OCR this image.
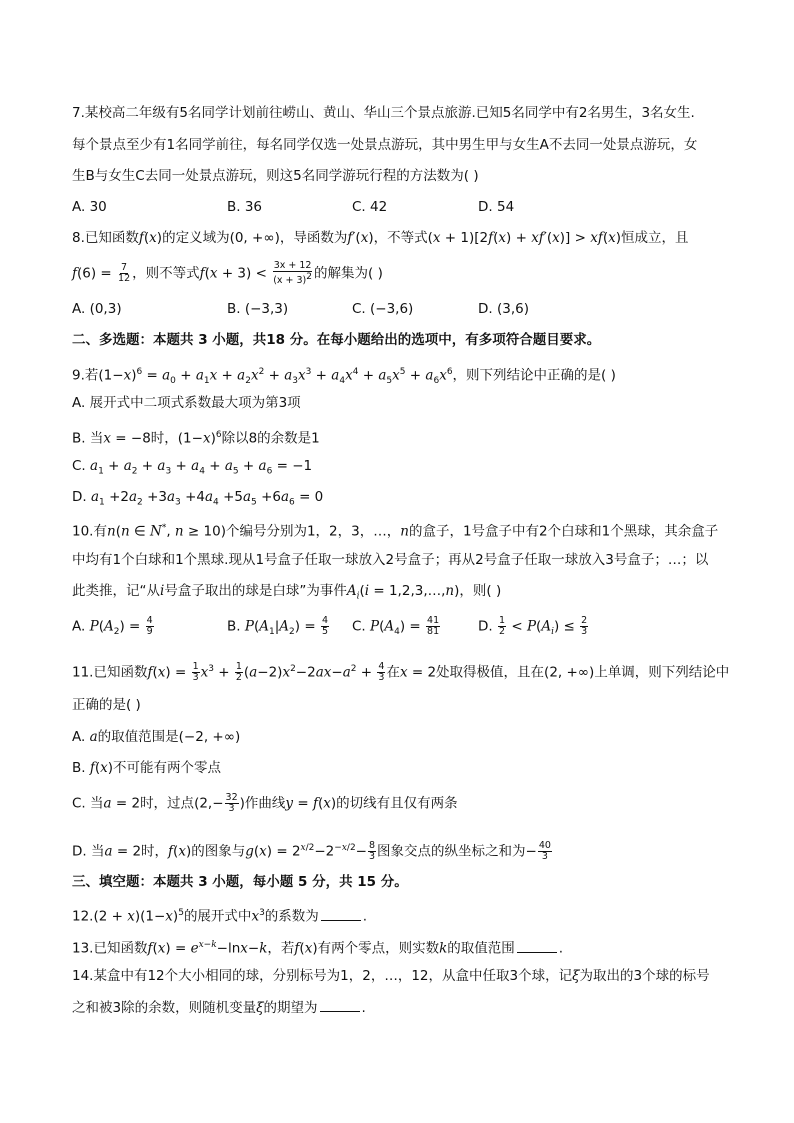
7.某校高二年级有5名同学计划前往崂山、黄山、华山三个景点旅游.已知5名同学中有2名男生，3名女生.
每个景点至少有1名同学前往，每名同学仅选一处景点游玩，其中男生甲与女生A不去同一处景点游玩，女
生B与女生C去同一处景点游玩，则这5名同学游玩行程的方法数为( )
A. 30	B. 36	C. 42	D. 54
8.已知函数f(x)的定义域为(0, +∞)，导函数为f′(x)，不等式(x + 1)[2f(x) + xf′(x)] > xf(x)恒成立，且
$f(6) = \frac{7}{12}$ ，则不等式$f(x + 3) < \frac{3x + 12}{(x + 3)^2}$ 的解集为( )
A. (0,3)	B. (−3,3)	C. (−3,6)	D. (3,6)
二、多选题：本题共 3 小题，共18 分。在每小题给出的选项中，有多项符合题目要求。
9.若$(1-x)^6 = a_0 + a_1x + a_2x^2 + a_3x^3 + a_4x^4 + a_5x^5 + a_6x^6$，则下列结论中正确的是( )
A. 展开式中二项式系数最大项为第3项
B. 当x = −8时，$(1-x)^6$除以8的余数是1
C. $a_1 + a_2 + a_3 + a_4 + a_5 + a_6 = -1$
D. $a_1 +2a_2 +3a_3 +4a_4 +5a_5 +6a_6 = 0$
10.有n(n ∈ N*, n ≥ 10)个编号分别为1，2，3，…，n的盒子，1号盒子中有2个白球和1个黑球，其余盒子
中均有1个白球和1个黑球.现从1号盒子任取一球放入2号盒子；再从2号盒子任取一球放入3号盒子；…；以
此类推，记“从i号盒子取出的球是白球”为事件$A_i(i$ = 1,2,3,…,n)，则( )
A. $P(A_2) = \frac{4}{9}$	B. $P(A_1|A_2) = \frac{4}{5} C$. $P(A_4) = \frac{41}{81}$	D. $\frac{1}{2} < P(A_i) \le \frac{2}{3}$
11.已知函数$f(x) = \frac{1}{3} x^3 + \frac{1}{2} (a-2)x^2-2ax-a^2 + \frac{4}{3}$ 在x = 2处取得极值，且在(2, +∞)上单调，则下列结论中
正确的是( )
A. a的取值范围是(−2, +∞)
B. f(x)不可能有两个零点
C. 当a = 2时，过点($2,- \frac{32}{3}$ )作曲线y = f(x)的切线有且仅有两条
D. 当a = 2时，f(x)的图象与$g(x) = 2^{x/2}-2^{-x/2}- \frac{8}{3}$ 图象交点的纵坐标之和为− $\frac{40}{3}$
三、填空题：本题共 3 小题，每小题 5 分，共 15 分。
$12.(2 + x)(1-x)^5$的展开式中$x^3$的系数为	.
13.已知函数$f(x) = e^{x-k}-\ln x-k$，若f(x)有两个零点，则实数k的取值范围	.
14.某盒中有12个大小相同的球，分别标号为1，2，…，12，从盒中任取3个球，记ξ为取出的3个球的标号
之和被3除的余数，则随机变量ξ的期望为	.
